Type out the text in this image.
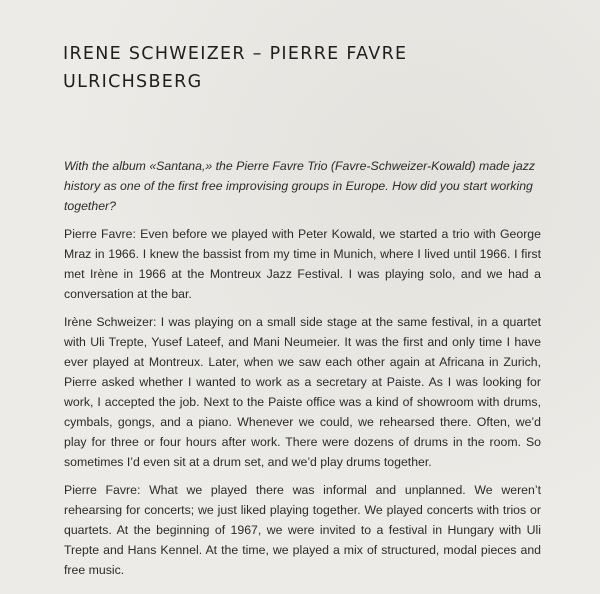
IRENE SCHWEIZER – PIERRE FAVRE
ULRICHSBERG

With the album «Santana,» the Pierre Favre Trio (Favre-Schweizer-Kowald) made jazz history as one of the first free improvising groups in Europe. How did you start working together?

Pierre Favre: Even before we played with Peter Kowald, we started a trio with George Mraz in 1966. I knew the bassist from my time in Munich, where I lived until 1966. I first met Irène in 1966 at the Montreux Jazz Festival. I was playing solo, and we had a conversation at the bar.

Irène Schweizer: I was playing on a small side stage at the same festival, in a quartet with Uli Trepte, Yusef Lateef, and Mani Neumeier. It was the first and only time I have ever played at Montreux. Later, when we saw each other again at Africana in Zurich, Pierre asked whether I wanted to work as a secretary at Paiste. As I was looking for work, I accepted the job. Next to the Paiste office was a kind of showroom with drums, cymbals, gongs, and a piano. Whenever we could, we rehearsed there. Often, we’d play for three or four hours after work. There were dozens of drums in the room. So sometimes I’d even sit at a drum set, and we’d play drums together.

Pierre Favre: What we played there was informal and unplanned. We weren’t rehearsing for concerts; we just liked playing together. We played concerts with trios or quartets. At the beginning of 1967, we were invited to a festival in Hungary with Uli Trepte and Hans Kennel. At the time, we played a mix of structured, modal pieces and free music.
